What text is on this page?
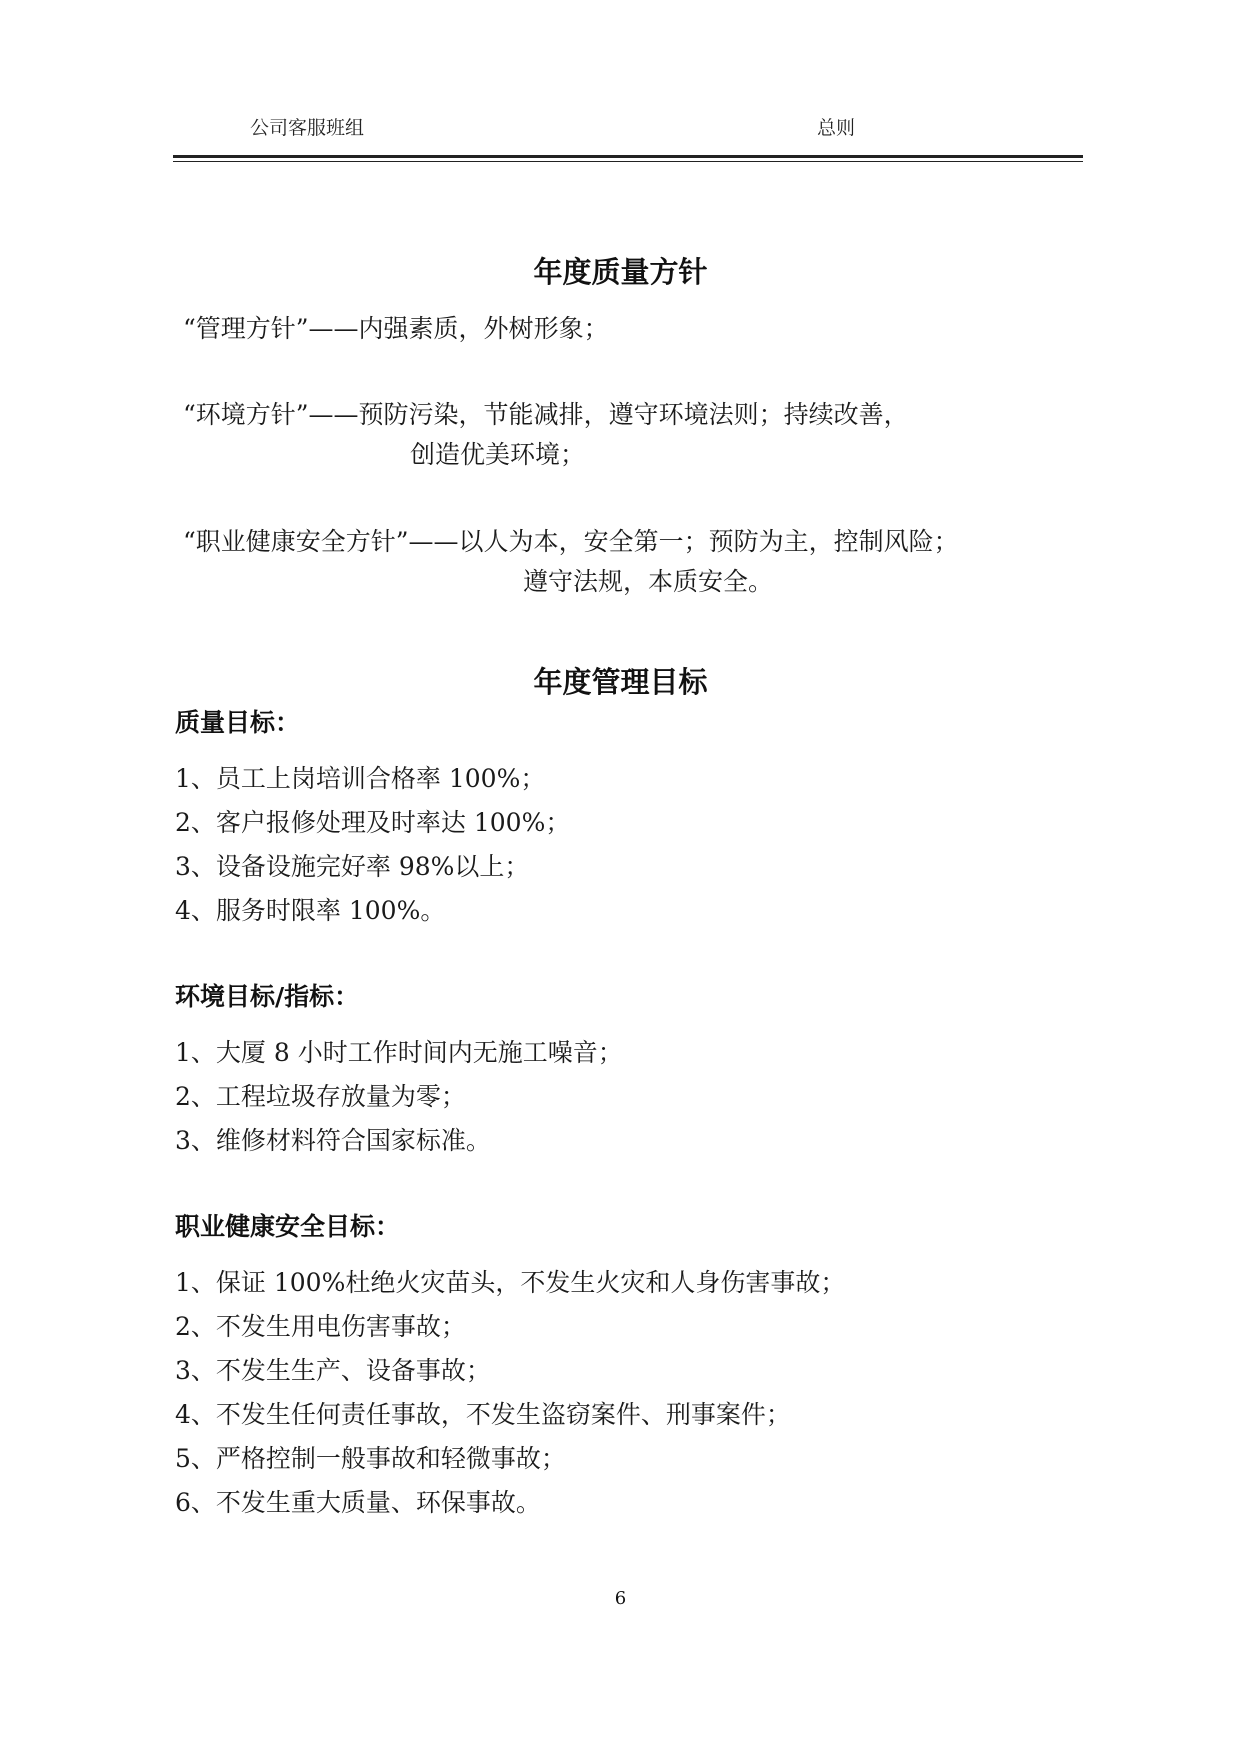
公司客服班组	总则
年度质量方针
“管理方针”——内强素质，外树形象；
“环境方针”——预防污染，节能减排，遵守环境法则；持续改善，
创造优美环境；
“职业健康安全方针”——以人为本，安全第一；预防为主，控制风险；
遵守法规，本质安全。
年度管理目标
质量目标：
1、员工上岗培训合格率 100%；
2、客户报修处理及时率达 100%；
3、设备设施完好率 98%以上；
4、服务时限率 100%。
环境目标/指标：
1、大厦 8 小时工作时间内无施工噪音；
2、工程垃圾存放量为零；
3、维修材料符合国家标准。
职业健康安全目标：
1、保证 100%杜绝火灾苗头，不发生火灾和人身伤害事故；
2、不发生用电伤害事故；
3、不发生生产、设备事故；
4、不发生任何责任事故，不发生盗窃案件、刑事案件；
5、严格控制一般事故和轻微事故；
6、不发生重大质量、环保事故。
6
